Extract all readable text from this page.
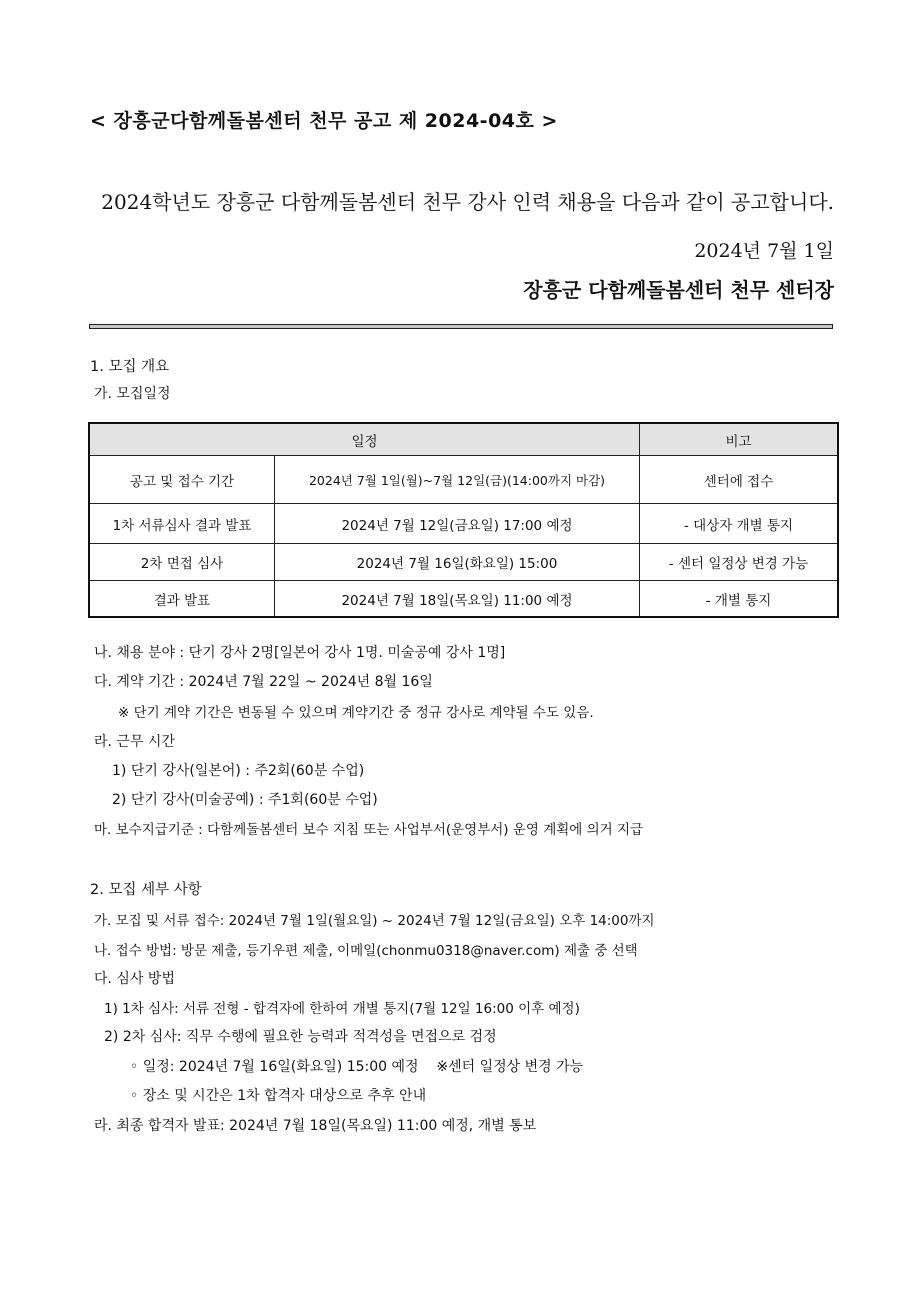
< 장흥군다함께돌봄센터 천무 공고 제 2024-04호 >
2024학년도 장흥군 다함께돌봄센터 천무 강사 인력 채용을 다음과 같이 공고합니다.
2024년 7월 1일
장흥군 다함께돌봄센터 천무 센터장
1. 모집 개요
가. 모집일정
일정		비고
공고 및 접수 기간	2024년 7월 1일(월)~7월 12일(금)(14:00까지 마감)	센터에 접수
1차 서류심사 결과 발표	2024년 7월 12일(금요일) 17:00 예정	- 대상자 개별 통지
2차 면접 심사	2024년 7월 16일(화요일) 15:00	- 센터 일정상 변경 가능
결과 발표	2024년 7월 18일(목요일) 11:00 예정	- 개별 통지
나. 채용 분야 : 단기 강사 2명[일본어 강사 1명. 미술공예 강사 1명]
다. 계약 기간 : 2024년 7월 22일 ~ 2024년 8월 16일
※ 단기 계약 기간은 변동될 수 있으며 계약기간 중 정규 강사로 계약될 수도 있음.
라. 근무 시간
1) 단기 강사(일본어) : 주2회(60분 수업)
2) 단기 강사(미술공예) : 주1회(60분 수업)
마. 보수지급기준 : 다함께돌봄센터 보수 지침 또는 사업부서(운영부서) 운영 계획에 의거 지급
2. 모집 세부 사항
가. 모집 및 서류 접수: 2024년 7월 1일(월요일) ~ 2024년 7월 12일(금요일) 오후 14:00까지
나. 접수 방법: 방문 제출, 등기우편 제출, 이메일(chonmu0318@naver.com) 제출 중 선택
다. 심사 방법
1) 1차 심사: 서류 전형 - 합격자에 한하여 개별 통지(7월 12일 16:00 이후 예정)
2) 2차 심사: 직무 수행에 필요한 능력과 적격성을 면접으로 검정
◦ 일정: 2024년 7월 16일(화요일) 15:00 예정    ※센터 일정상 변경 가능
◦ 장소 및 시간은 1차 합격자 대상으로 추후 안내
라. 최종 합격자 발표: 2024년 7월 18일(목요일) 11:00 예정, 개별 통보
